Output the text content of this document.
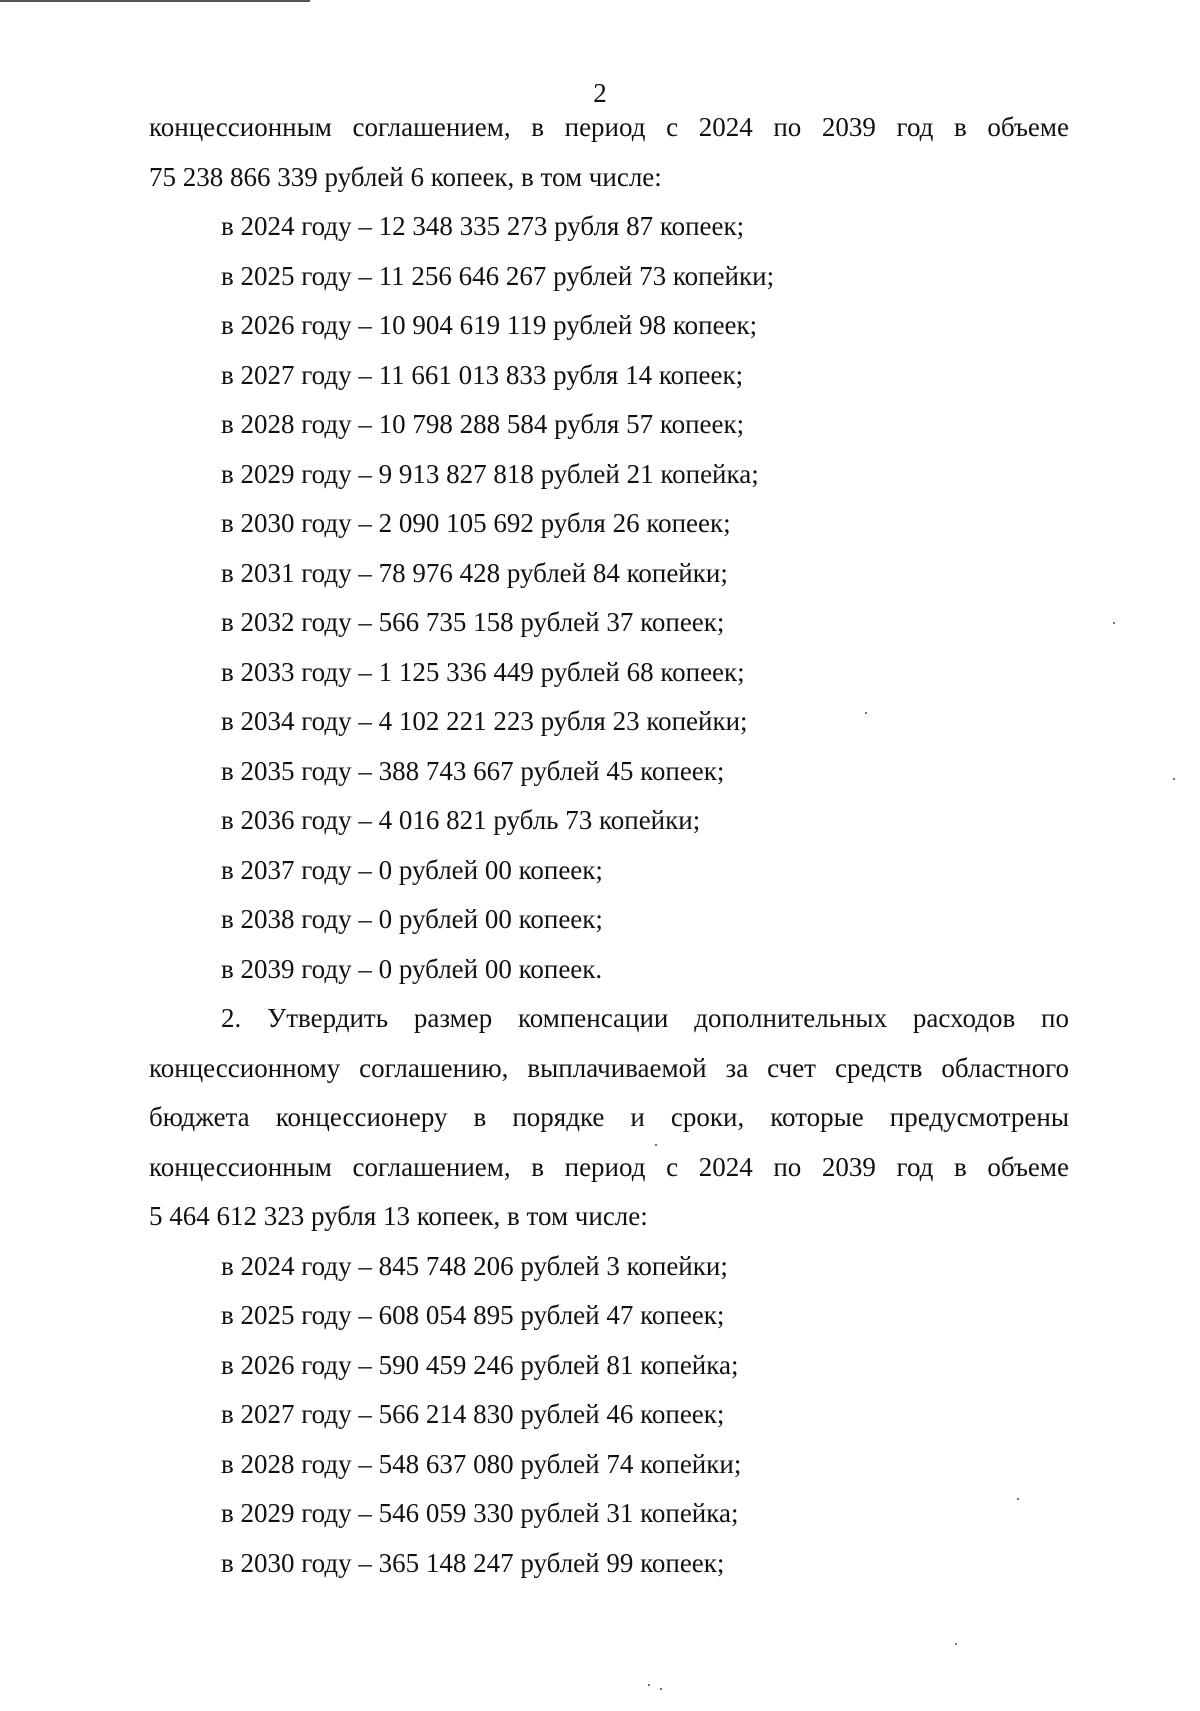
2
концессионным соглашением, в период с 2024 по 2039 год в объеме
75 238 866 339 рублей 6 копеек, в том числе:
в 2024 году – 12 348 335 273 рубля 87 копеек;
в 2025 году – 11 256 646 267 рублей 73 копейки;
в 2026 году – 10 904 619 119 рублей 98 копеек;
в 2027 году – 11 661 013 833 рубля 14 копеек;
в 2028 году – 10 798 288 584 рубля 57 копеек;
в 2029 году – 9 913 827 818 рублей 21 копейка;
в 2030 году – 2 090 105 692 рубля 26 копеек;
в 2031 году – 78 976 428 рублей 84 копейки;
в 2032 году – 566 735 158 рублей 37 копеек;
в 2033 году – 1 125 336 449 рублей 68 копеек;
в 2034 году – 4 102 221 223 рубля 23 копейки;
в 2035 году – 388 743 667 рублей 45 копеек;
в 2036 году – 4 016 821 рубль 73 копейки;
в 2037 году – 0 рублей 00 копеек;
в 2038 году – 0 рублей 00 копеек;
в 2039 году – 0 рублей 00 копеек.
2. Утвердить размер компенсации дополнительных расходов по
концессионному соглашению, выплачиваемой за счет средств областного
бюджета концессионеру в порядке и сроки, которые предусмотрены
концессионным соглашением, в период с 2024 по 2039 год в объеме
5 464 612 323 рубля 13 копеек, в том числе:
в 2024 году – 845 748 206 рублей 3 копейки;
в 2025 году – 608 054 895 рублей 47 копеек;
в 2026 году – 590 459 246 рублей 81 копейка;
в 2027 году – 566 214 830 рублей 46 копеек;
в 2028 году – 548 637 080 рублей 74 копейки;
в 2029 году – 546 059 330 рублей 31 копейка;
в 2030 году – 365 148 247 рублей 99 копеек;
